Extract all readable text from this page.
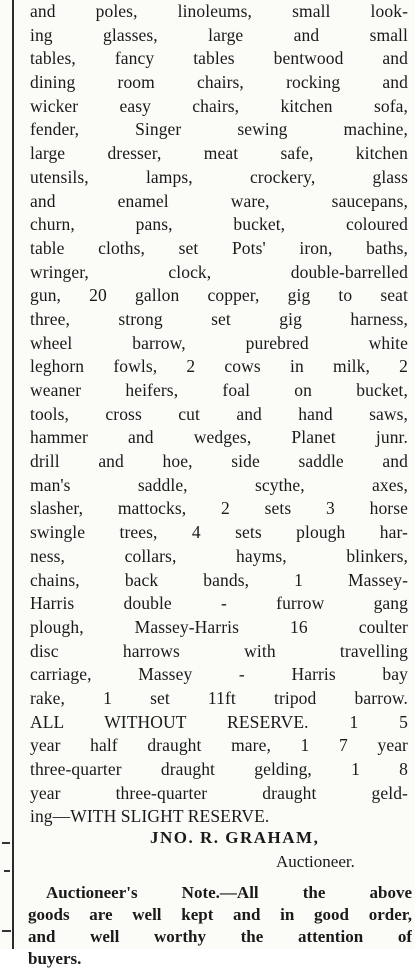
and poles, linoleums, small look-
ing glasses, large and small
tables, fancy tables bentwood and
dining room chairs, rocking and
wicker easy chairs, kitchen sofa,
fender, Singer sewing machine,
large dresser, meat safe, kitchen
utensils, lamps, crockery, glass
and enamel ware, saucepans,
churn, pans, bucket, coloured
table cloths, set Pots' iron, baths,
wringer, clock, double-barrelled
gun, 20 gallon copper, gig to seat
three, strong set gig harness,
wheel barrow, purebred white
leghorn fowls, 2 cows in milk, 2
weaner heifers, foal on bucket,
tools, cross cut and hand saws,
hammer and wedges, Planet junr.
drill and hoe, side saddle and
man's saddle, scythe, axes,
slasher, mattocks, 2 sets 3 horse
swingle trees, 4 sets plough har-
ness, collars, hayms, blinkers,
chains, back bands, 1 Massey-
Harris double - furrow gang
plough, Massey-Harris 16 coulter
disc harrows with travelling
carriage, Massey - Harris bay
rake, 1 set 11ft tripod barrow.
ALL WITHOUT RESERVE. 1 5
year half draught mare, 1 7 year
three-quarter draught gelding, 1 8
year three-quarter draught geld-
ing—WITH SLIGHT RESERVE.
JNO. R. GRAHAM,
Auctioneer.
Auctioneer's Note.—All the above
goods are well kept and in good order,
and well worthy the attention of
buyers.
